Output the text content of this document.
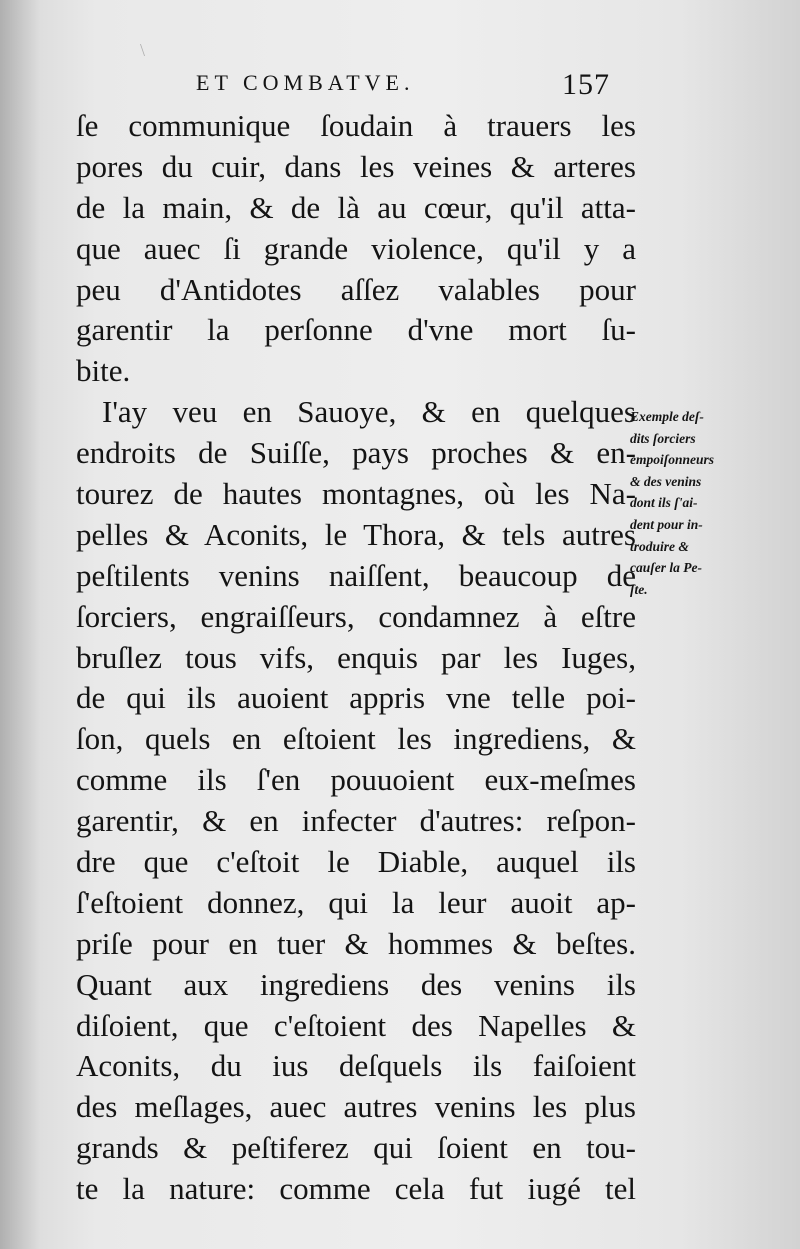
\
ET COMBATVE.	157
ſe communique ſoudain à trauers les
pores du cuir, dans les veines & arteres
de la main, & de là au cœur, qu'il atta-
que auec ſi grande violence, qu'il y a
peu d'Antidotes aſſez valables pour
garentir la perſonne d'vne mort ſu-
bite.
I'ay veu en Sauoye, & en quelques
endroits de Suiſſe, pays proches & en-
tourez de hautes montagnes, où les Na-
pelles & Aconits, le Thora, & tels autres
peſtilents venins naiſſent, beaucoup de
ſorciers, engraiſſeurs, condamnez à eſtre
bruſlez tous vifs, enquis par les Iuges,
de qui ils auoient appris vne telle poi-
ſon, quels en eſtoient les ingrediens, &
comme ils ſ'en pouuoient eux-meſmes
garentir, & en infecter d'autres: reſpon-
dre que c'eſtoit le Diable, auquel ils
ſ'eſtoient donnez, qui la leur auoit ap-
priſe pour en tuer & hommes & beſtes.
Quant aux ingrediens des venins ils
diſoient, que c'eſtoient des Napelles &
Aconits, du ius deſquels ils faiſoient
des meſlages, auec autres venins les plus
grands & peſtiferez qui ſoient en tou-
te la nature: comme cela fut iugé tel
Exemple deſ-
dits ſorciers
empoiſonneurs
& des venins
dont ils ſ'ai-
dent pour in-
troduire &
cauſer la Pe-
ſte.
